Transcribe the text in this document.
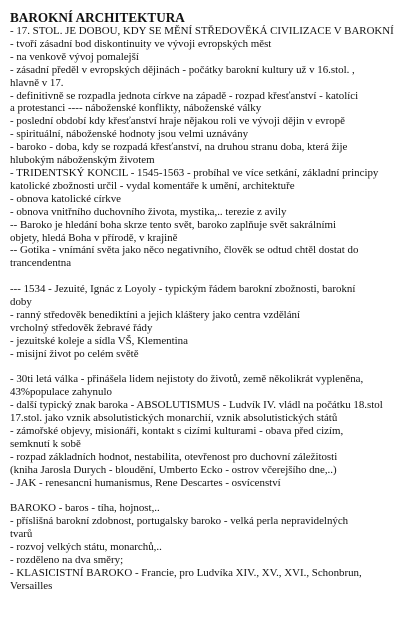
BAROKNÍ ARCHITEKTURA
- 17. STOL. JE DOBOU, KDY SE MĚNÍ STŘEDOVĚKÁ CIVILIZACE V BAROKNÍ
- tvoří zásadní bod diskontinuity ve vývoji evropských měst
- na venkově vývoj pomalejší
- zásadní předěl v evropských dějinách - počátky barokní kultury už v 16.stol. ,
hlavně v 17.
- definitivně se rozpadla jednota církve na západě - rozpad křesťanství - katolíci
a protestanci ---- náboženské konflikty, náboženské války
- poslední období kdy křesťanství hraje nějakou roli ve vývoji dějin v evropě
- spirituální, náboženské hodnoty jsou velmi uznávány
- baroko - doba, kdy se rozpadá křesťanství, na druhou stranu doba, která žije
hlubokým náboženským životem
- TRIDENTSKÝ KONCIL - 1545-1563 - probíhal ve více setkání, základní principy
katolické zbožnosti určil - vydal komentáře k umění, architektuře
- obnova katolické církve
- obnova vnitřního duchovního života, mystika,.. terezie z avily
-- Baroko je hledání boha skrze tento svět, baroko zaplňuje svět sakrálními
objety, hledá Boha v přírodě, v krajině
-- Gotika - vnímání světa jako něco negativního, člověk se odtud chtěl dostat do
trancendentna
--- 1534 - Jezuité, Ignác z Loyoly - typickým řádem barokní zbožnosti, barokní
doby
- ranný středověk benediktíni a jejich kláštery jako centra vzdělání
vrcholný středověk žebravé řády
- jezuitské koleje a sídla VŠ, Klementina
- misijní život po celém světě
- 30ti letá válka - přinášela lidem nejistoty do životů, země několikrát vypleněna,
43%populace zahynulo
- další typický znak baroka - ABSOLUTISMUS - Ludvík IV. vládl na počátku 18.stol
17.stol. jako vznik absolutistických monarchií, vznik absolutistických států
- zámořské objevy, misionáři, kontakt s cizími kulturami - obava před cizím,
semknutí k sobě
- rozpad základních hodnot, nestabilita, otevřenost pro duchovní záležitosti
(kniha Jarosla Durych - bloudění, Umberto Ecko - ostrov včerejšího dne,..)
- JAK - renesancni humanismus, Rene Descartes - osvícenství
BAROKO - baros - tíha, hojnost,..
- příslišná barokní zdobnost, portugalsky baroko - velká perla nepravidelných
tvarů
- rozvoj velkých státu, monarchů,..
- rozděleno na dva směry;
- KLASICISTNÍ BAROKO - Francie, pro Ludvíka XIV., XV., XVI., Schonbrun,
Versailles
